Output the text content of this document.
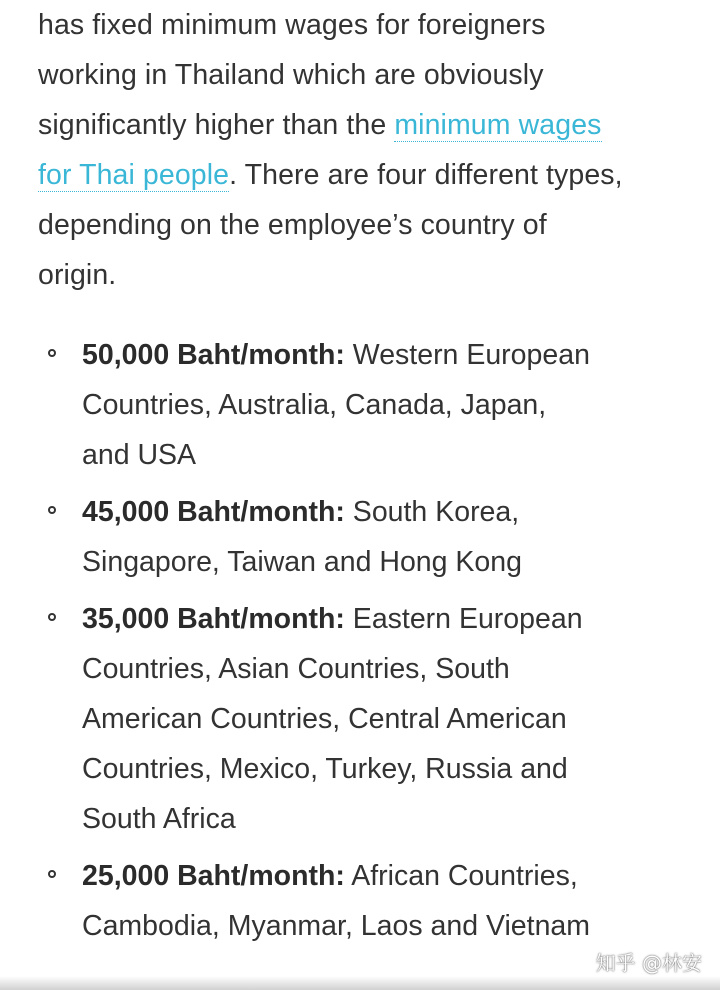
has fixed minimum wages for foreigners
working in Thailand which are obviously
significantly higher than the minimum wages
for Thai people. There are four different types,
depending on the employee’s country of
origin.

50,000 Baht/month: Western European
Countries, Australia, Canada, Japan,
and USA
45,000 Baht/month: South Korea,
Singapore, Taiwan and Hong Kong
35,000 Baht/month: Eastern European
Countries, Asian Countries, South
American Countries, Central American
Countries, Mexico, Turkey, Russia and
South Africa
25,000 Baht/month: African Countries,
Cambodia, Myanmar, Laos and Vietnam
知乎 @林安
